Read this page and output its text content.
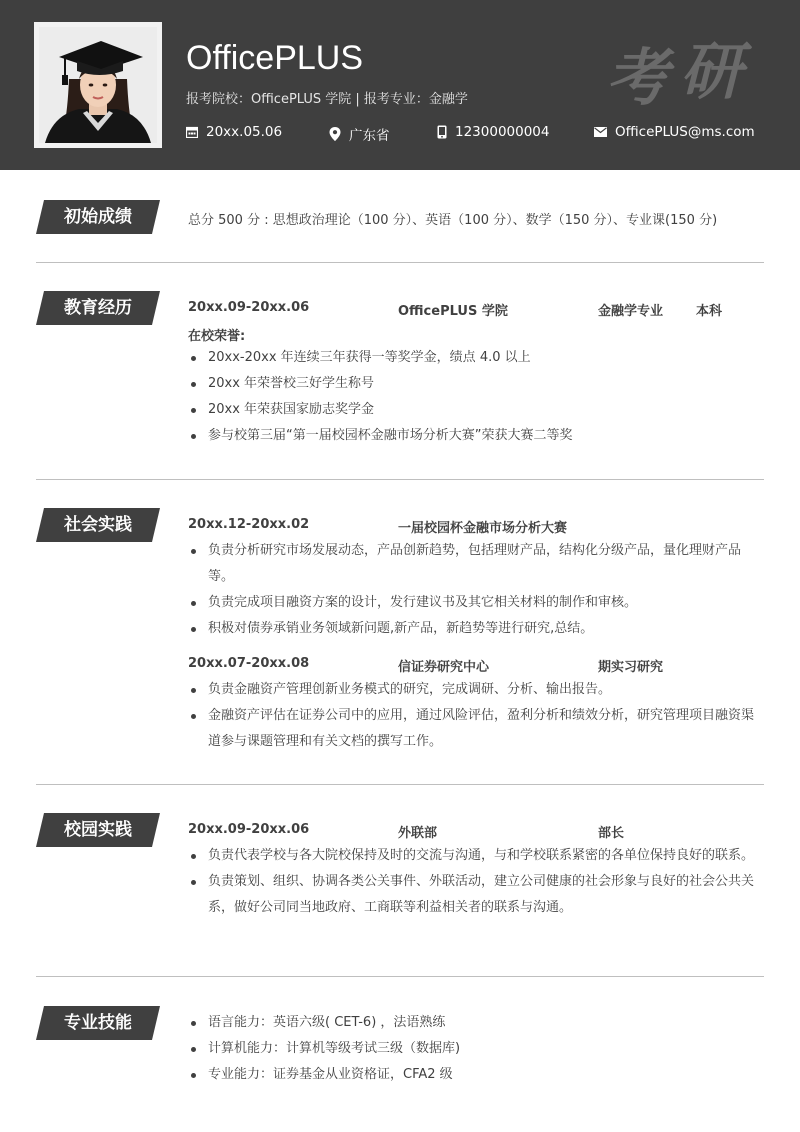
OfficePLUS
报考院校：OfficePLUS 学院 | 报考专业：金融学
20xx.05.06	广东省	12300000004	OfficePLUS@ms.com
考 研
初始成绩	总分 500 分 : 思想政治理论（100 分）、英语（100 分）、数学（150 分）、专业课(150 分)
教育经历	20xx.09-20xx.06	OfficePLUS 学院	金融学专业	本科
在校荣誉:
20xx-20xx 年连续三年获得一等奖学金，绩点 4.0 以上
20xx 年荣誉校三好学生称号
20xx 年荣获国家励志奖学金
参与校第三届“第一届校园杯金融市场分析大赛”荣获大赛二等奖
社会实践	20xx.12-20xx.02	一届校园杯金融市场分析大赛
负责分析研究市场发展动态，产品创新趋势，包括理财产品，结构化分级产品，量化理财产品等。
负责完成项目融资方案的设计，发行建议书及其它相关材料的制作和审核。
积极对债券承销业务领域新问题,新产品，新趋势等进行研究,总结。
20xx.07-20xx.08	信证券研究中心	期实习研究
负责金融资产管理创新业务模式的研究，完成调研、分析、输出报告。
金融资产评估在证券公司中的应用，通过风险评估，盈利分析和绩效分析，研究管理项目融资渠道参与课题管理和有关文档的撰写工作。
校园实践	20xx.09-20xx.06	外联部	部长
负责代表学校与各大院校保持及时的交流与沟通，与和学校联系紧密的各单位保持良好的联系。
负责策划、组织、协调各类公关事件、外联活动，建立公司健康的社会形象与良好的社会公共关系，做好公司同当地政府、工商联等利益相关者的联系与沟通。
专业技能	语言能力：英语六级( CET-6) ，法语熟练
计算机能力：计算机等级考试三级（数据库)
专业能力：证券基金从业资格证，CFA2 级
